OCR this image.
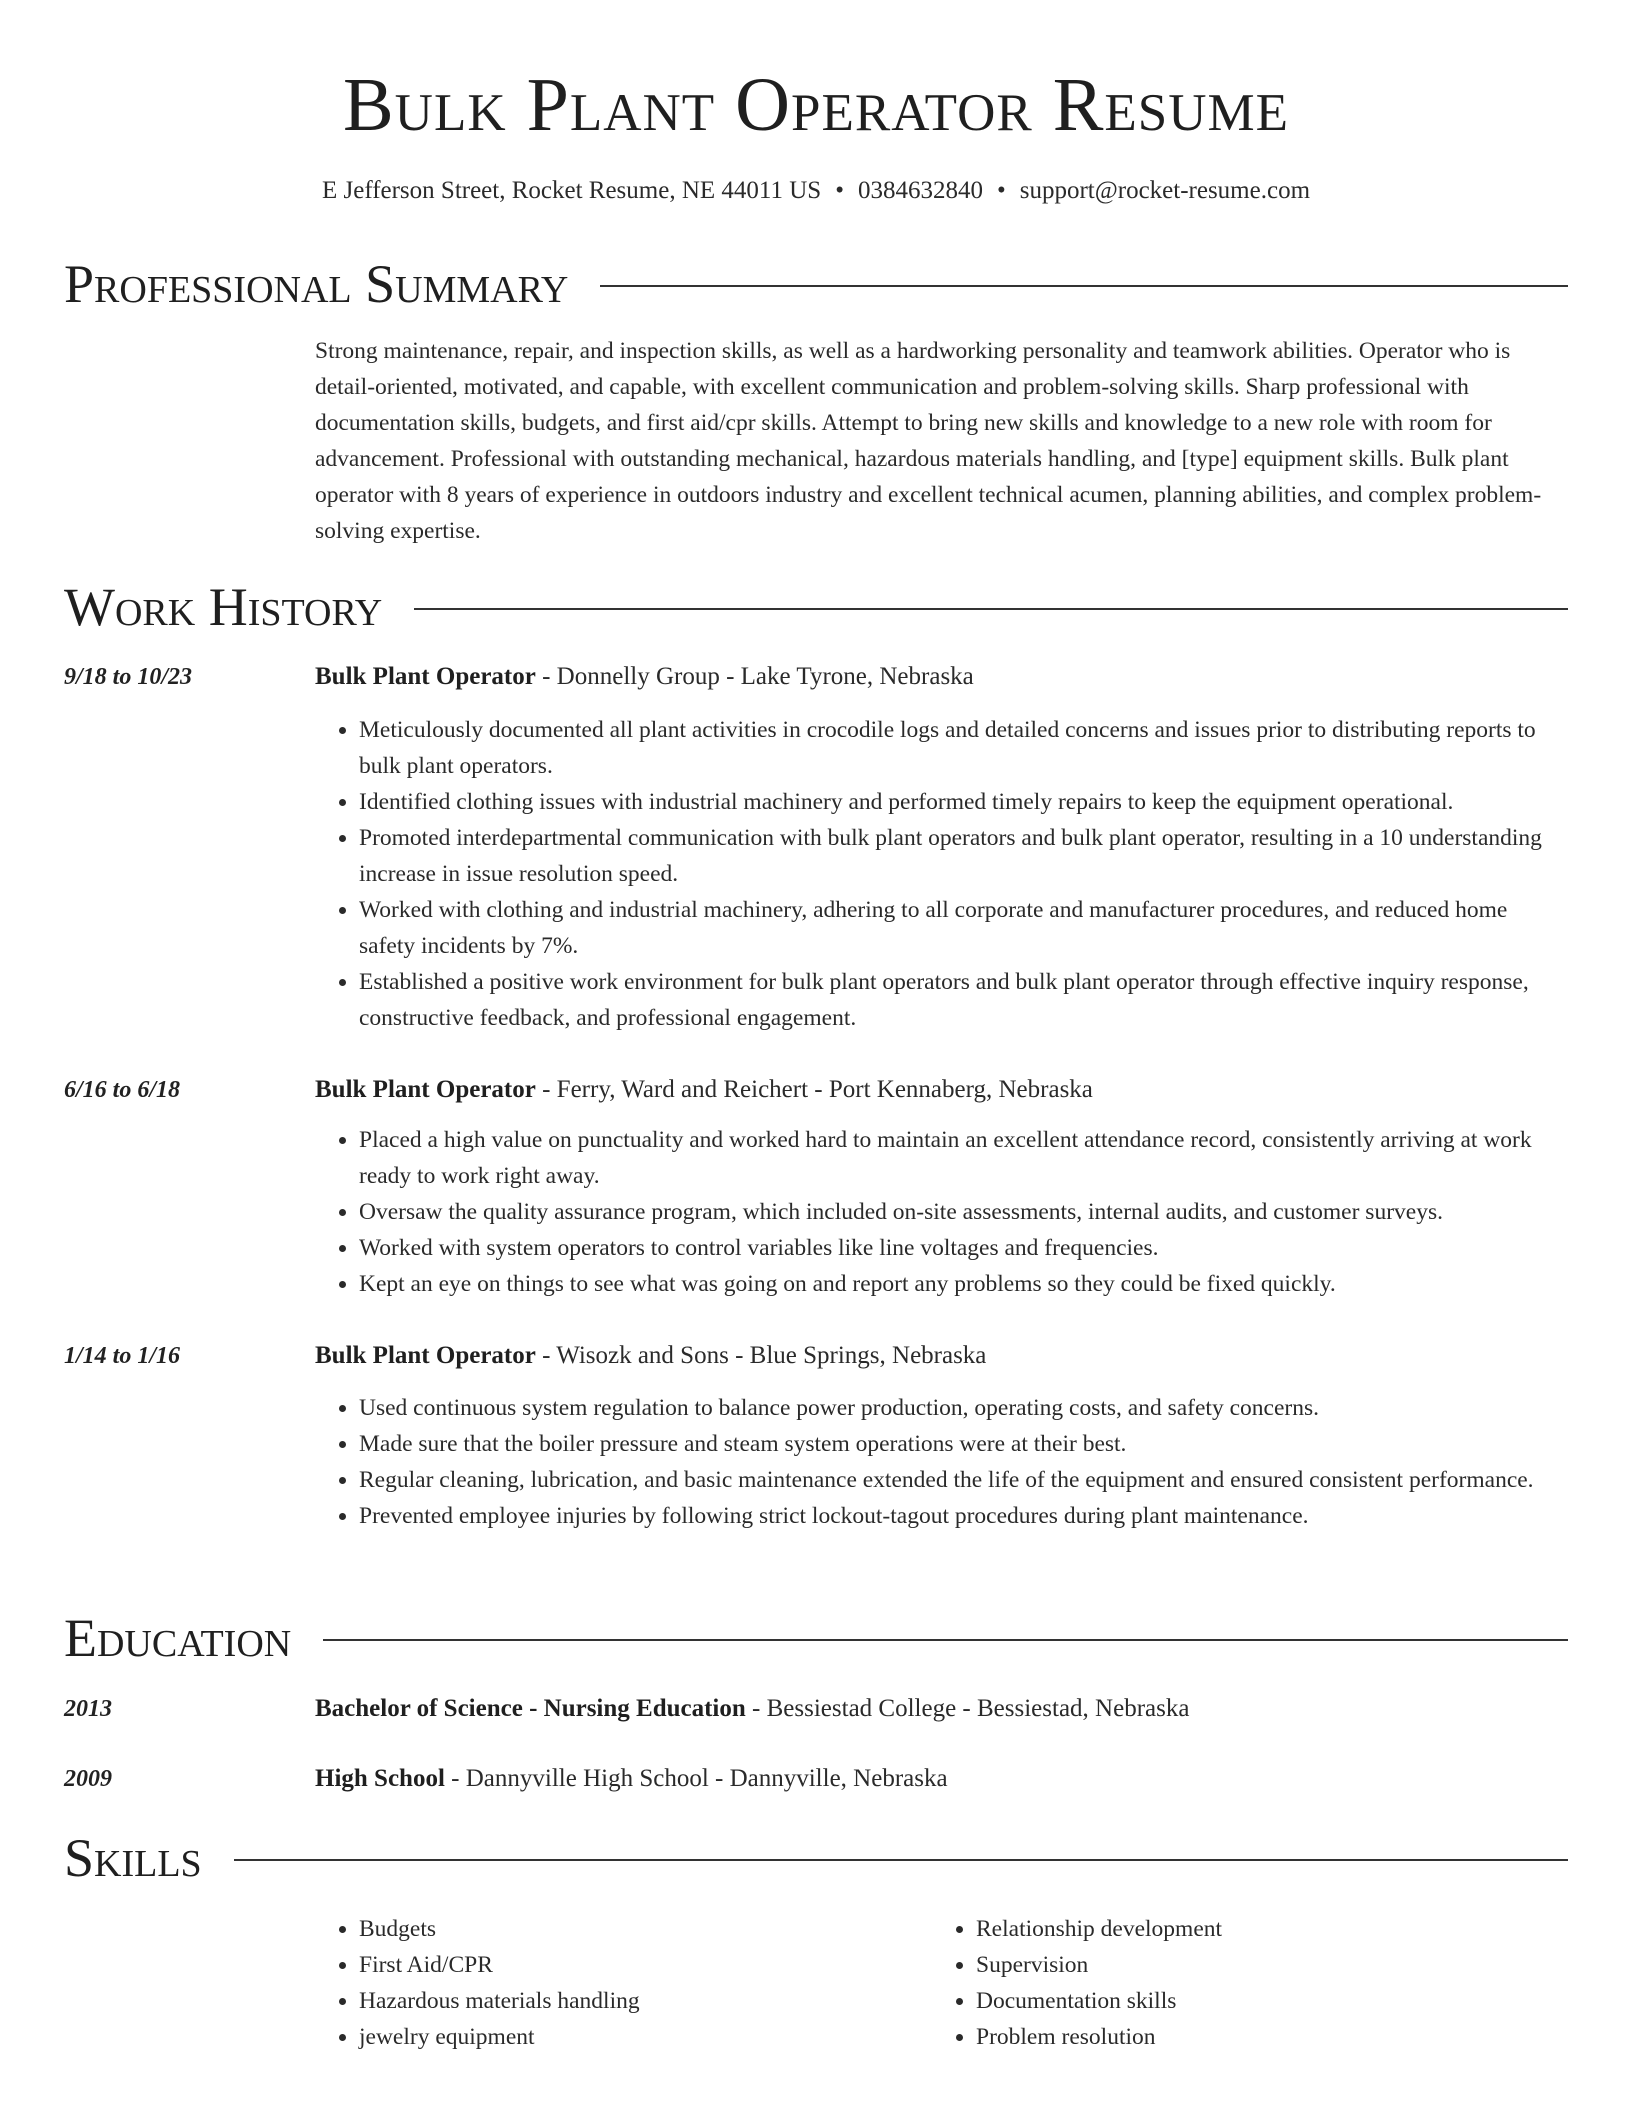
Bulk Plant Operator Resume
E Jefferson Street, Rocket Resume, NE 44011 US • 0384632840 • support@rocket-resume.com
Professional Summary

Strong maintenance, repair, and inspection skills, as well as a hardworking personality and teamwork abilities. Operator who is detail-oriented, motivated, and capable, with excellent communication and problem-solving skills. Sharp professional with documentation skills, budgets, and first aid/cpr skills. Attempt to bring new skills and knowledge to a new role with room for advancement. Professional with outstanding mechanical, hazardous materials handling, and [type] equipment skills. Bulk plant operator with 8 years of experience in outdoors industry and excellent technical acumen, planning abilities, and complex problem-solving expertise.

Work History
9/18 to 10/23	Bulk Plant Operator - Donnelly Group - Lake Tyrone, Nebraska
• Meticulously documented all plant activities in crocodile logs and detailed concerns and issues prior to distributing reports to bulk plant operators.
• Identified clothing issues with industrial machinery and performed timely repairs to keep the equipment operational.
• Promoted interdepartmental communication with bulk plant operators and bulk plant operator, resulting in a 10 understanding increase in issue resolution speed.
• Worked with clothing and industrial machinery, adhering to all corporate and manufacturer procedures, and reduced home safety incidents by 7%.
• Established a positive work environment for bulk plant operators and bulk plant operator through effective inquiry response, constructive feedback, and professional engagement.
6/16 to 6/18	Bulk Plant Operator - Ferry, Ward and Reichert - Port Kennaberg, Nebraska
• Placed a high value on punctuality and worked hard to maintain an excellent attendance record, consistently arriving at work ready to work right away.
• Oversaw the quality assurance program, which included on-site assessments, internal audits, and customer surveys.
• Worked with system operators to control variables like line voltages and frequencies.
• Kept an eye on things to see what was going on and report any problems so they could be fixed quickly.
1/14 to 1/16	Bulk Plant Operator - Wisozk and Sons - Blue Springs, Nebraska
• Used continuous system regulation to balance power production, operating costs, and safety concerns.
• Made sure that the boiler pressure and steam system operations were at their best.
• Regular cleaning, lubrication, and basic maintenance extended the life of the equipment and ensured consistent performance.
• Prevented employee injuries by following strict lockout-tagout procedures during plant maintenance.
Education
2013	Bachelor of Science - Nursing Education - Bessiestad College - Bessiestad, Nebraska
2009	High School - Dannyville High School - Dannyville, Nebraska
Skills
• Budgets
• First Aid/CPR
• Hazardous materials handling
• jewelry equipment
• Relationship development
• Supervision
• Documentation skills
• Problem resolution
